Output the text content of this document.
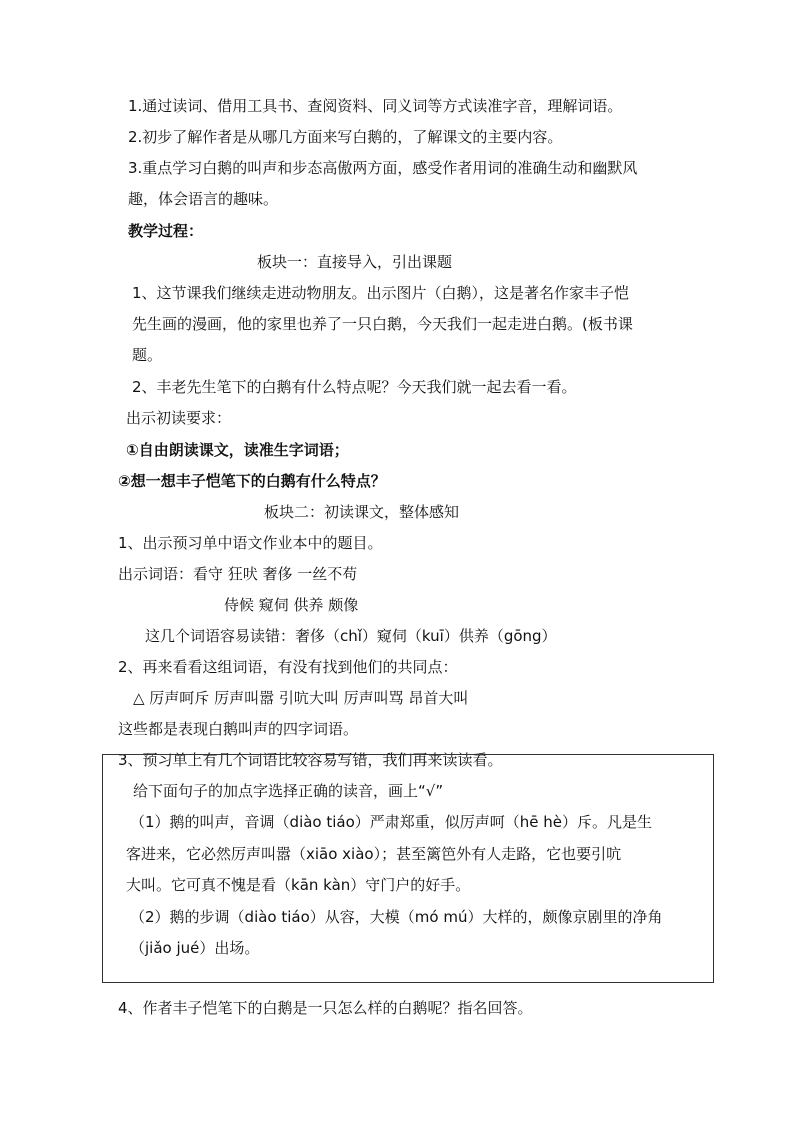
1.通过读词、借用工具书、查阅资料、同义词等方式读准字音，理解词语。
2.初步了解作者是从哪几方面来写白鹅的，了解课文的主要内容。
3.重点学习白鹅的叫声和步态高傲两方面，感受作者用词的准确生动和幽默风
趣，体会语言的趣味。
教学过程：
板块一：直接导入，引出课题
1、这节课我们继续走进动物朋友。出示图片（白鹅），这是著名作家丰子恺
先生画的漫画，他的家里也养了一只白鹅，今天我们一起走进白鹅。(板书课
题。
2、丰老先生笔下的白鹅有什么特点呢？今天我们就一起去看一看。
出示初读要求：
①自由朗读课文，读准生字词语；
②想一想丰子恺笔下的白鹅有什么特点？
板块二：初读课文，整体感知
1、出示预习单中语文作业本中的题目。
出示词语：看守 狂吠 奢侈 一丝不苟
侍候 窥伺 供养 颇像
这几个词语容易读错：奢侈（chǐ）窥伺（kuī）供养（gōng）
2、再来看看这组词语，有没有找到他们的共同点：
△ 厉声呵斥 厉声叫嚣 引吭大叫 厉声叫骂 昂首大叫
这些都是表现白鹅叫声的四字词语。
3、预习单上有几个词语比较容易写错，我们再来读读看。
给下面句子的加点字选择正确的读音，画上“√”
（1）鹅的叫声，音调（diào tiáo）严肃郑重，似厉声呵（hē hè）斥。凡是生
客进来，它必然厉声叫嚣（xiāo xiào）；甚至篱笆外有人走路，它也要引吭
大叫。它可真不愧是看（kān kàn）守门户的好手。
（2）鹅的步调（diào tiáo）从容，大模（mó mú）大样的，颇像京剧里的净角
（jiǎo jué）出场。
4、作者丰子恺笔下的白鹅是一只怎么样的白鹅呢？指名回答。
